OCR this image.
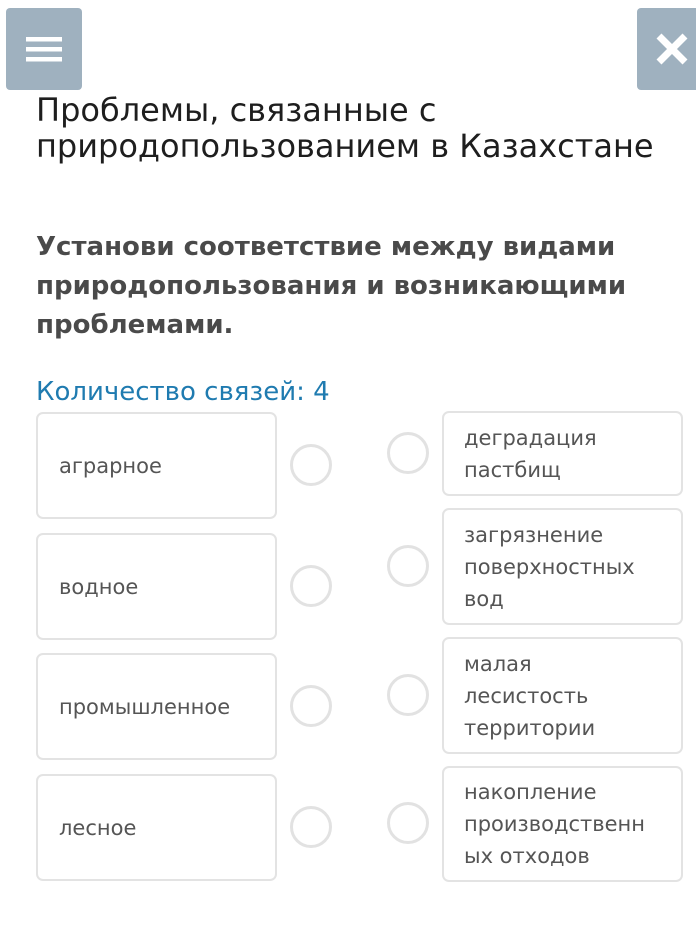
Проблемы, связанные с природопользованием в Казахстане

Установи соответствие между видами природопользования и возникающими проблемами.

Количество связей: 4

аграрное
водное
промышленное
лесное
деградация
пастбищ
загрязнение
поверхностных
вод
малая
лесистость
территории
накопление
производственн
ых отходов
